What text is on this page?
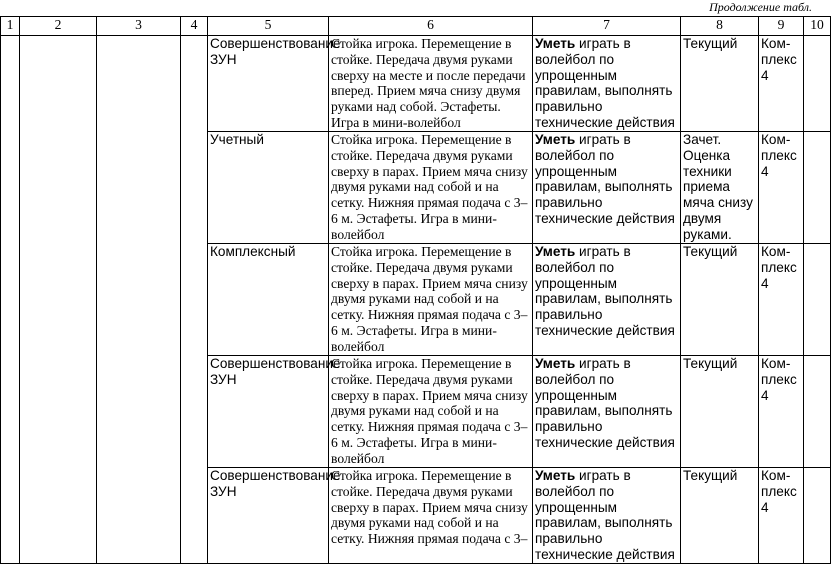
Продолжение табл.
1	2	3	4	5	6	7	8	9	10
				Совершенствование ЗУН	Стойка игрока. Перемещение в стойке. Передача двумя руками сверху на месте и после передачи вперед. Прием мяча снизу двумя руками над собой. Эстафеты. Игра в мини-волейбол	Уметь играть в волейбол по упрощенным правилам, выполнять правильно технические действия	Текущий	Ком-плекс 4	
				Учетный	Стойка игрока. Перемещение в стойке. Передача двумя руками сверху в парах. Прием мяча снизу двумя руками над собой и на сетку. Нижняя прямая подача с 3–6 м. Эстафеты. Игра в мини-волейбол	Уметь играть в волейбол по упрощенным правилам, выполнять правильно технические действия	Зачет. Оценка техники приема мяча снизу двумя руками.	Ком-плекс 4	
				Комплексный	Стойка игрока. Перемещение в стойке. Передача двумя руками сверху в парах. Прием мяча снизу двумя руками над собой и на сетку. Нижняя прямая подача с 3–6 м. Эстафеты. Игра в мини-волейбол	Уметь играть в волейбол по упрощенным правилам, выполнять правильно технические действия	Текущий	Ком-плекс 4	
				Совершенствование ЗУН	Стойка игрока. Перемещение в стойке. Передача двумя руками сверху в парах. Прием мяча снизу двумя руками над собой и на сетку. Нижняя прямая подача с 3–6 м. Эстафеты. Игра в мини-волейбол	Уметь играть в волейбол по упрощенным правилам, выполнять правильно технические действия	Текущий	Ком-плекс 4	
				Совершенствование ЗУН	Стойка игрока. Перемещение в стойке. Передача двумя руками сверху в парах. Прием мяча снизу двумя руками над собой и на сетку. Нижняя прямая подача с 3–	Уметь играть в волейбол по упрощенным правилам, выполнять правильно технические действия	Текущий	Ком-плекс 4	
